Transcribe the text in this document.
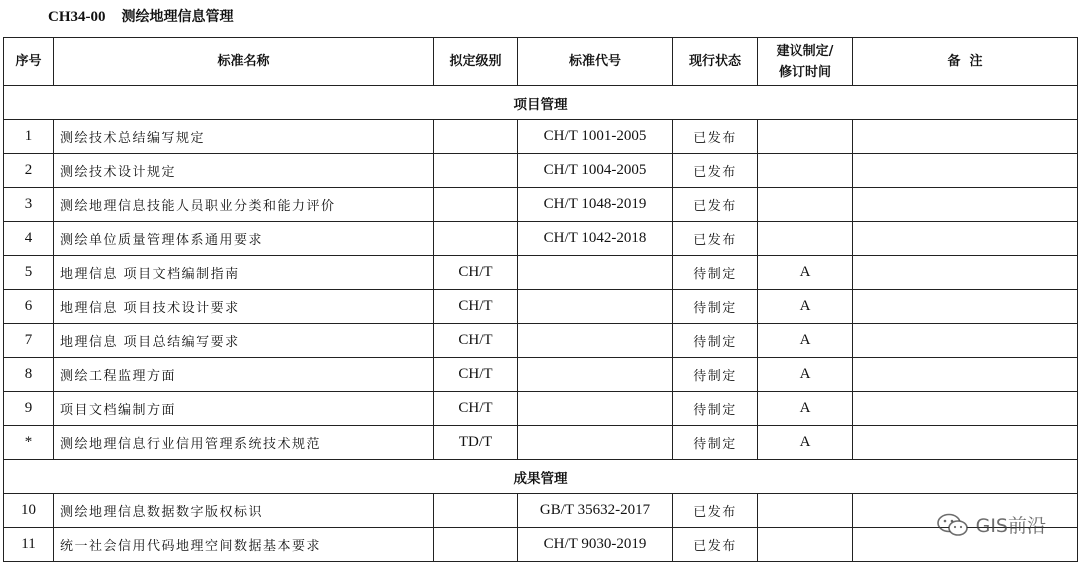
CH34-00 测绘地理信息管理
序号	标准名称	拟定级别	标准代号	现行状态	建议制定/
修订时间	备  注
项目管理						
1	测绘技术总结编写规定		CH/T 1001-2005	已发布		
2	测绘技术设计规定		CH/T 1004-2005	已发布		
3	测绘地理信息技能人员职业分类和能力评价		CH/T 1048-2019	已发布		
4	测绘单位质量管理体系通用要求		CH/T 1042-2018	已发布		
5	地理信息 项目文档编制指南	CH/T		待制定	A	
6	地理信息 项目技术设计要求	CH/T		待制定	A	
7	地理信息 项目总结编写要求	CH/T		待制定	A	
8	测绘工程监理方面	CH/T		待制定	A	
9	项目文档编制方面	CH/T		待制定	A	
*	测绘地理信息行业信用管理系统技术规范	TD/T		待制定	A	
成果管理						
10	测绘地理信息数据数字版权标识		GB/T 35632-2017	已发布		
11	统一社会信用代码地理空间数据基本要求		CH/T 9030-2019	已发布		
GIS前沿
